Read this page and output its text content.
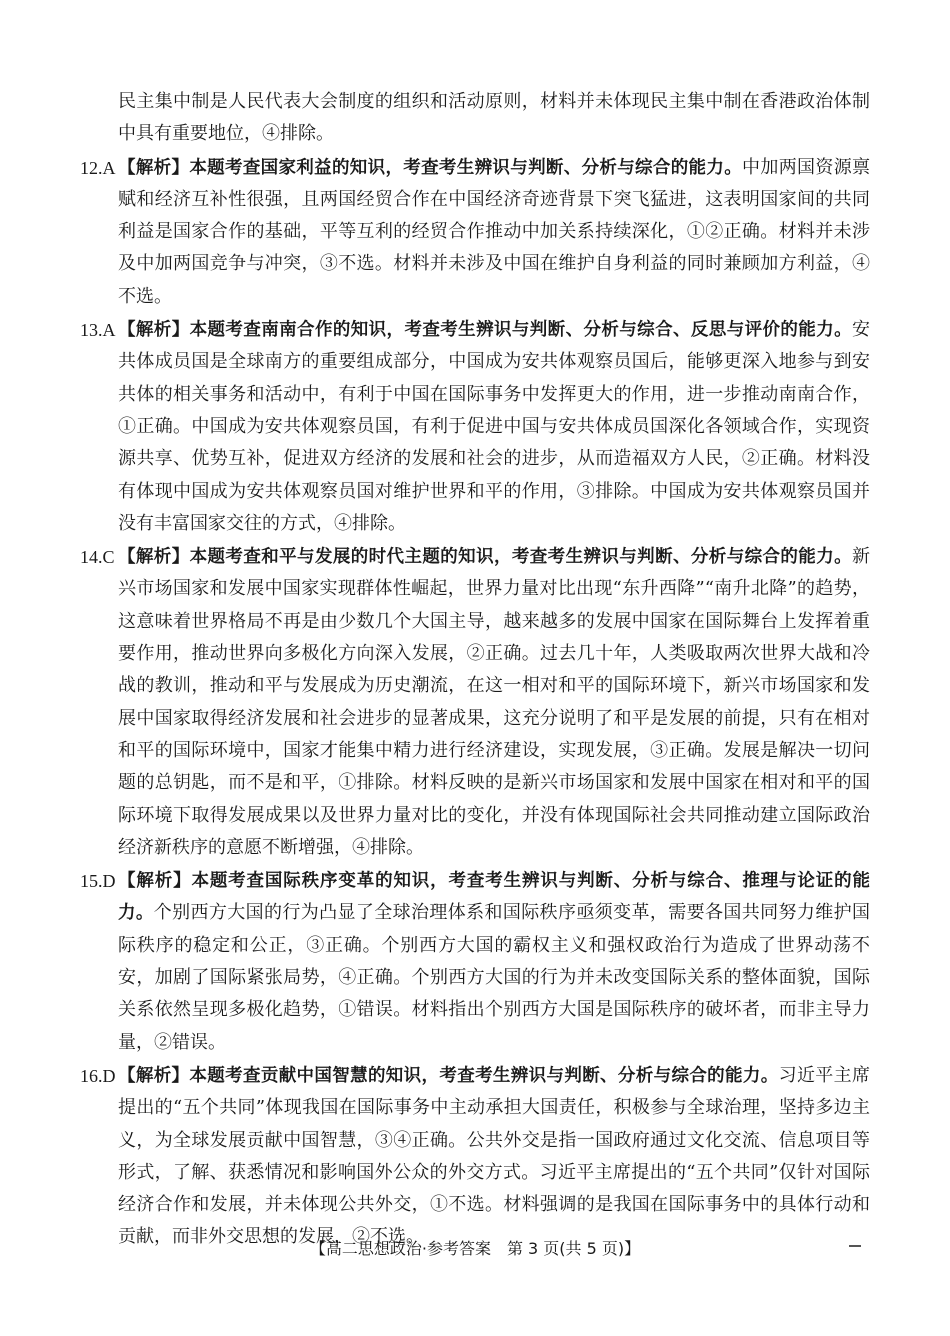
民主集中制是人民代表大会制度的组织和活动原则，材料并未体现民主集中制在香港政治体制中具有重要地位，④排除。

12.A 【解析】本题考查国家利益的知识，考查考生辨识与判断、分析与综合的能力。中加两国资源禀赋和经济互补性很强，且两国经贸合作在中国经济奇迹背景下突飞猛进，这表明国家间的共同利益是国家合作的基础，平等互利的经贸合作推动中加关系持续深化，①②正确。材料并未涉及中加两国竞争与冲突，③不选。材料并未涉及中国在维护自身利益的同时兼顾加方利益，④不选。
13.A 【解析】本题考查南南合作的知识，考查考生辨识与判断、分析与综合、反思与评价的能力。安共体成员国是全球南方的重要组成部分，中国成为安共体观察员国后，能够更深入地参与到安共体的相关事务和活动中，有利于中国在国际事务中发挥更大的作用，进一步推动南南合作，①正确。中国成为安共体观察员国，有利于促进中国与安共体成员国深化各领域合作，实现资源共享、优势互补，促进双方经济的发展和社会的进步，从而造福双方人民，②正确。材料没有体现中国成为安共体观察员国对维护世界和平的作用，③排除。中国成为安共体观察员国并没有丰富国家交往的方式，④排除。
14.C 【解析】本题考查和平与发展的时代主题的知识，考查考生辨识与判断、分析与综合的能力。新兴市场国家和发展中国家实现群体性崛起，世界力量对比出现“东升西降”“南升北降”的趋势，这意味着世界格局不再是由少数几个大国主导，越来越多的发展中国家在国际舞台上发挥着重要作用，推动世界向多极化方向深入发展，②正确。过去几十年，人类吸取两次世界大战和冷战的教训，推动和平与发展成为历史潮流，在这一相对和平的国际环境下，新兴市场国家和发展中国家取得经济发展和社会进步的显著成果，这充分说明了和平是发展的前提，只有在相对和平的国际环境中，国家才能集中精力进行经济建设，实现发展，③正确。发展是解决一切问题的总钥匙，而不是和平，①排除。材料反映的是新兴市场国家和发展中国家在相对和平的国际环境下取得发展成果以及世界力量对比的变化，并没有体现国际社会共同推动建立国际政治经济新秩序的意愿不断增强，④排除。
15.D 【解析】本题考查国际秩序变革的知识，考查考生辨识与判断、分析与综合、推理与论证的能力。个别西方大国的行为凸显了全球治理体系和国际秩序亟须变革，需要各国共同努力维护国际秩序的稳定和公正，③正确。个别西方大国的霸权主义和强权政治行为造成了世界动荡不安，加剧了国际紧张局势，④正确。个别西方大国的行为并未改变国际关系的整体面貌，国际关系依然呈现多极化趋势，①错误。材料指出个别西方大国是国际秩序的破坏者，而非主导力量，②错误。
16.D 【解析】本题考查贡献中国智慧的知识，考查考生辨识与判断、分析与综合的能力。习近平主席提出的“五个共同”体现我国在国际事务中主动承担大国责任，积极参与全球治理，坚持多边主义，为全球发展贡献中国智慧，③④正确。公共外交是指一国政府通过文化交流、信息项目等形式，了解、获悉情况和影响国外公众的外交方式。习近平主席提出的“五个共同”仅针对国际经济合作和发展，并未体现公共外交，①不选。材料强调的是我国在国际事务中的具体行动和贡献，而非外交思想的发展，②不选。
【高二思想政治·参考答案　第 3 页(共 5 页)】
